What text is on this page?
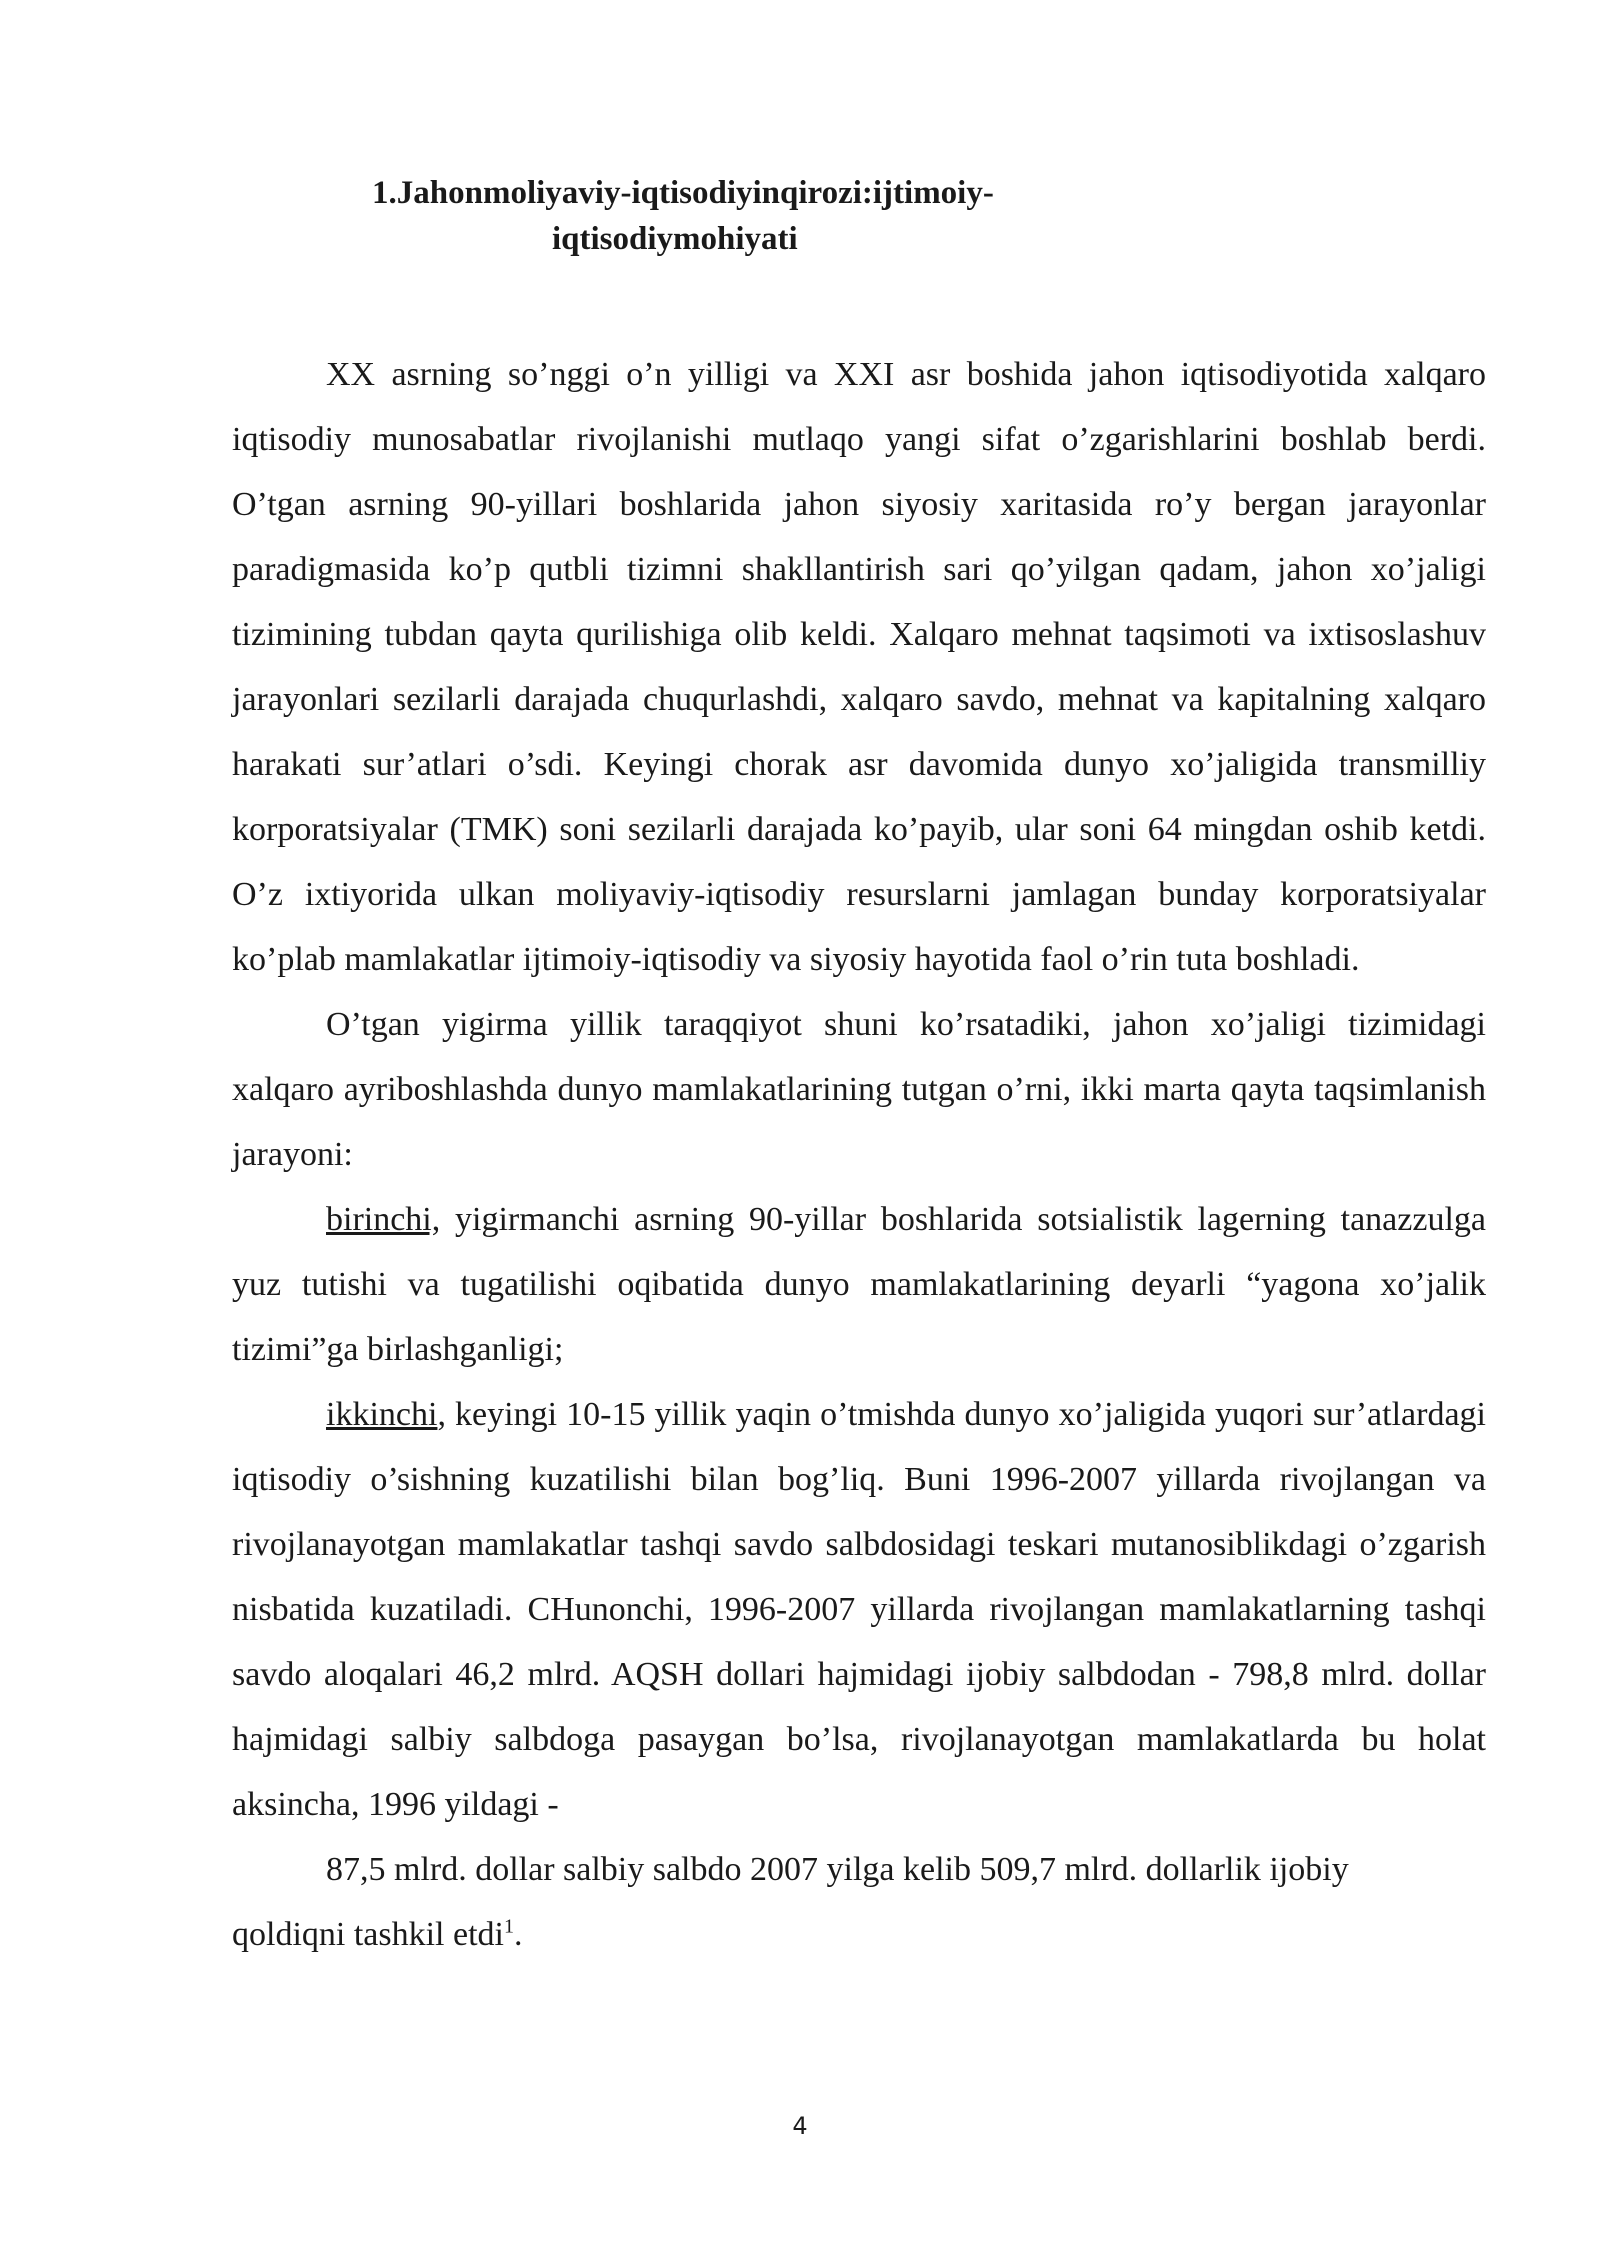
1.Jahonmoliyaviy-iqtisodiyinqirozi:ijtimoiy-
iqtisodiymohiyati

XX asrning so’nggi o’n yilligi va XXI asr boshida jahon iqtisodiyotida xalqaro iqtisodiy munosabatlar rivojlanishi mutlaqo yangi sifat o’zgarishlarini boshlab berdi. O’tgan asrning 90-yillari boshlarida jahon siyosiy xaritasida ro’y bergan jarayonlar paradigmasida ko’p qutbli tizimni shakllantirish sari qo’yilgan qadam, jahon xo’jaligi tizimining tubdan qayta qurilishiga olib keldi. Xalqaro mehnat taqsimoti va ixtisoslashuv jarayonlari sezilarli darajada chuqurlashdi, xalqaro savdo, mehnat va kapitalning xalqaro harakati sur’atlari o’sdi. Keyingi chorak asr davomida dunyo xo’jaligida transmilliy korporatsiyalar (TMK) soni sezilarli darajada ko’payib, ular soni 64 mingdan oshib ketdi. O’z ixtiyorida ulkan moliyaviy-iqtisodiy resurslarni jamlagan bunday korporatsiyalar ko’plab mamlakatlar ijtimoiy-iqtisodiy va siyosiy hayotida faol o’rin tuta boshladi.

O’tgan yigirma yillik taraqqiyot shuni ko’rsatadiki, jahon xo’jaligi tizimidagi xalqaro ayriboshlashda dunyo mamlakatlarining tutgan o’rni, ikki marta qayta taqsimlanish jarayoni:

birinchi, yigirmanchi asrning 90-yillar boshlarida sotsialistik lagerning tanazzulga yuz tutishi va tugatilishi oqibatida dunyo mamlakatlarining deyarli “yagona xo’jalik tizimi”ga birlashganligi;

ikkinchi, keyingi 10-15 yillik yaqin o’tmishda dunyo xo’jaligida yuqori sur’atlardagi iqtisodiy o’sishning kuzatilishi bilan bog’liq. Buni 1996-2007 yillarda rivojlangan va rivojlanayotgan mamlakatlar tashqi savdo salbdosidagi teskari mutanosiblikdagi o’zgarish nisbatida kuzatiladi. CHunonchi, 1996-2007 yillarda rivojlangan mamlakatlarning tashqi savdo aloqalari 46,2 mlrd. AQSH dollari hajmidagi ijobiy salbdodan - 798,8 mlrd. dollar hajmidagi salbiy salbdoga pasaygan bo’lsa, rivojlanayotgan mamlakatlarda bu holat aksincha, 1996 yildagi -

87,5 mlrd. dollar salbiy salbdo 2007 yilga kelib 509,7 mlrd. dollarlik ijobiy

qoldiqni tashkil etdi$^1$.

4
